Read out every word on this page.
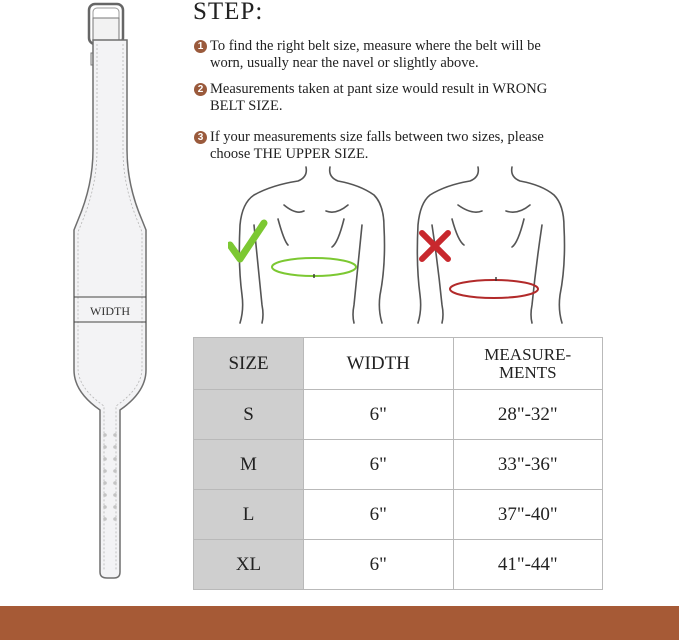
WIDTH
STEP:
1 To find the right belt size, measure where the belt will be
worn, usually near the navel or slightly above.
2 Measurements taken at pant size would result in WRONG
BELT SIZE.
3 If your measurements size falls between two sizes, please
choose THE UPPER SIZE.
SIZE	WIDTH	MEASURE-
MENTS
S	6"	28"-32"
M	6"	33"-36"
L	6"	37"-40"
XL	6"	41"-44"
